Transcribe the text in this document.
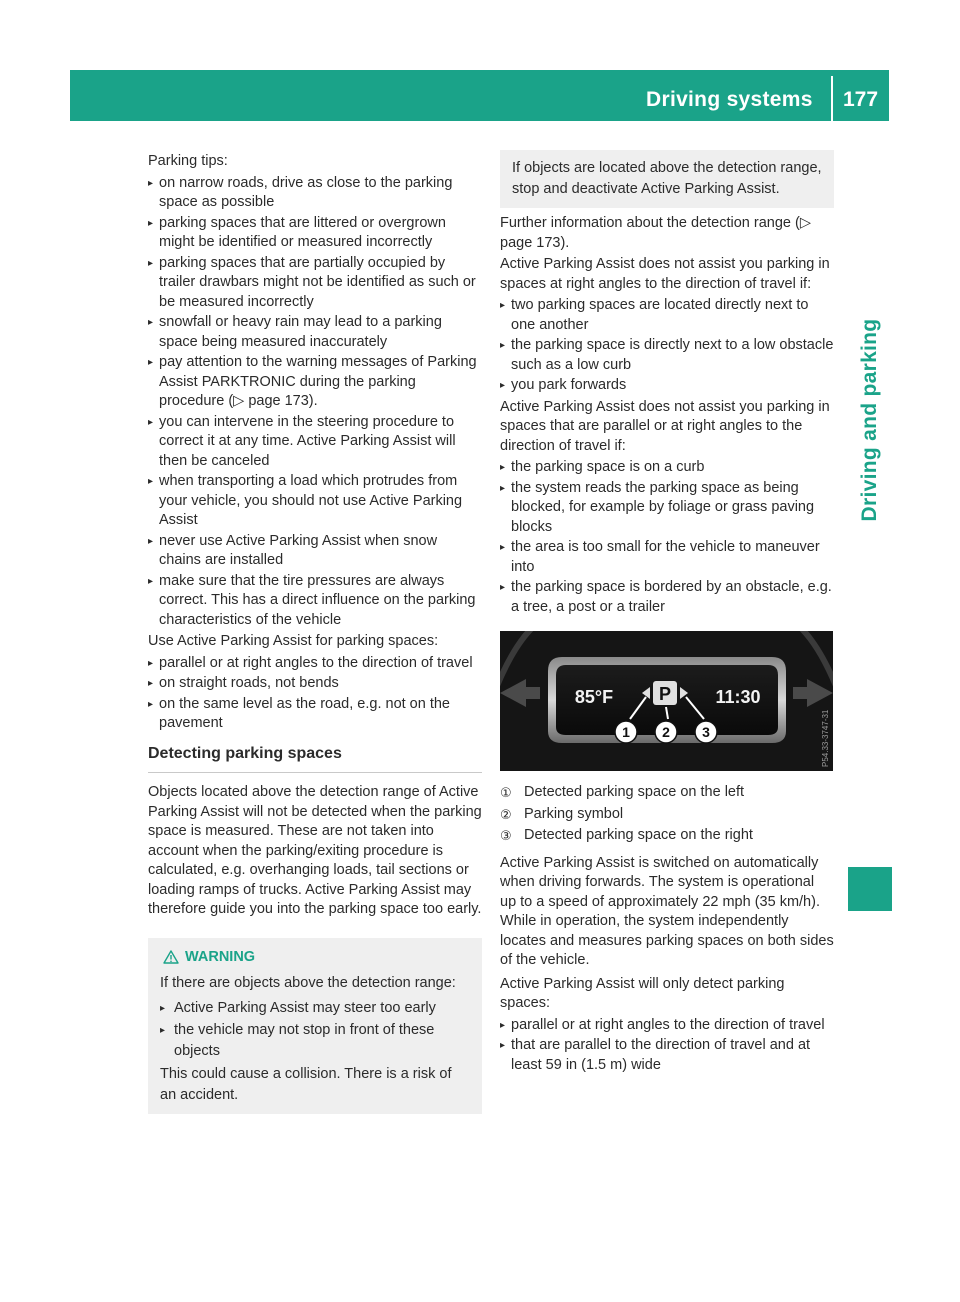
Driving systems 177
Driving and parking

Parking tips:

▸ on narrow roads, drive as close to the parking space as possible
▸ parking spaces that are littered or overgrown might be identified or measured incorrectly
▸ parking spaces that are partially occupied by trailer drawbars might not be identified as such or be measured incorrectly
▸ snowfall or heavy rain may lead to a parking space being measured inaccurately
▸ pay attention to the warning messages of Parking Assist PARKTRONIC during the parking procedure (▷ page 173).
▸ you can intervene in the steering procedure to correct it at any time. Active Parking Assist will then be canceled
▸ when transporting a load which protrudes from your vehicle, you should not use Active Parking Assist
▸ never use Active Parking Assist when snow chains are installed
▸ make sure that the tire pressures are always correct. This has a direct influence on the parking characteristics of the vehicle

Use Active Parking Assist for parking spaces:

▸ parallel or at right angles to the direction of travel
▸ on straight roads, not bends
▸ on the same level as the road, e.g. not on the pavement
Detecting parking spaces

Objects located above the detection range of Active Parking Assist will not be detected when the parking space is measured. These are not taken into account when the parking/exiting procedure is calculated, e.g. overhanging loads, tail sections or loading ramps of trucks. Active Parking Assist may therefore guide you into the parking space too early.

WARNING

If there are objects above the detection range:

▸ Active Parking Assist may steer too early
▸ the vehicle may not stop in front of these objects

This could cause a collision. There is a risk of an accident.

If objects are located above the detection range, stop and deactivate Active Parking Assist.

Further information about the detection range (▷ page 173).

Active Parking Assist does not assist you parking in spaces at right angles to the direction of travel if:

▸ two parking spaces are located directly next to one another
▸ the parking space is directly next to a low obstacle such as a low curb
▸ you park forwards

Active Parking Assist does not assist you parking in spaces that are parallel or at right angles to the direction of travel if:

▸ the parking space is on a curb
▸ the system reads the parking space as being blocked, for example by foliage or grass paving blocks
▸ the area is too small for the vehicle to maneuver into
▸ the parking space is bordered by an obstacle, e.g. a tree, a post or a trailer
85°F	11:30
P
1 2 3	P54.33-3747-31
① Detected parking space on the left
② Parking symbol
③ Detected parking space on the right

Active Parking Assist is switched on automatically when driving forwards. The system is operational up to a speed of approximately 22 mph (35 km/h). While in operation, the system independently locates and measures parking spaces on both sides of the vehicle.

Active Parking Assist will only detect parking spaces:

▸ parallel or at right angles to the direction of travel
▸ that are parallel to the direction of travel and at least 59 in (1.5 m) wide
